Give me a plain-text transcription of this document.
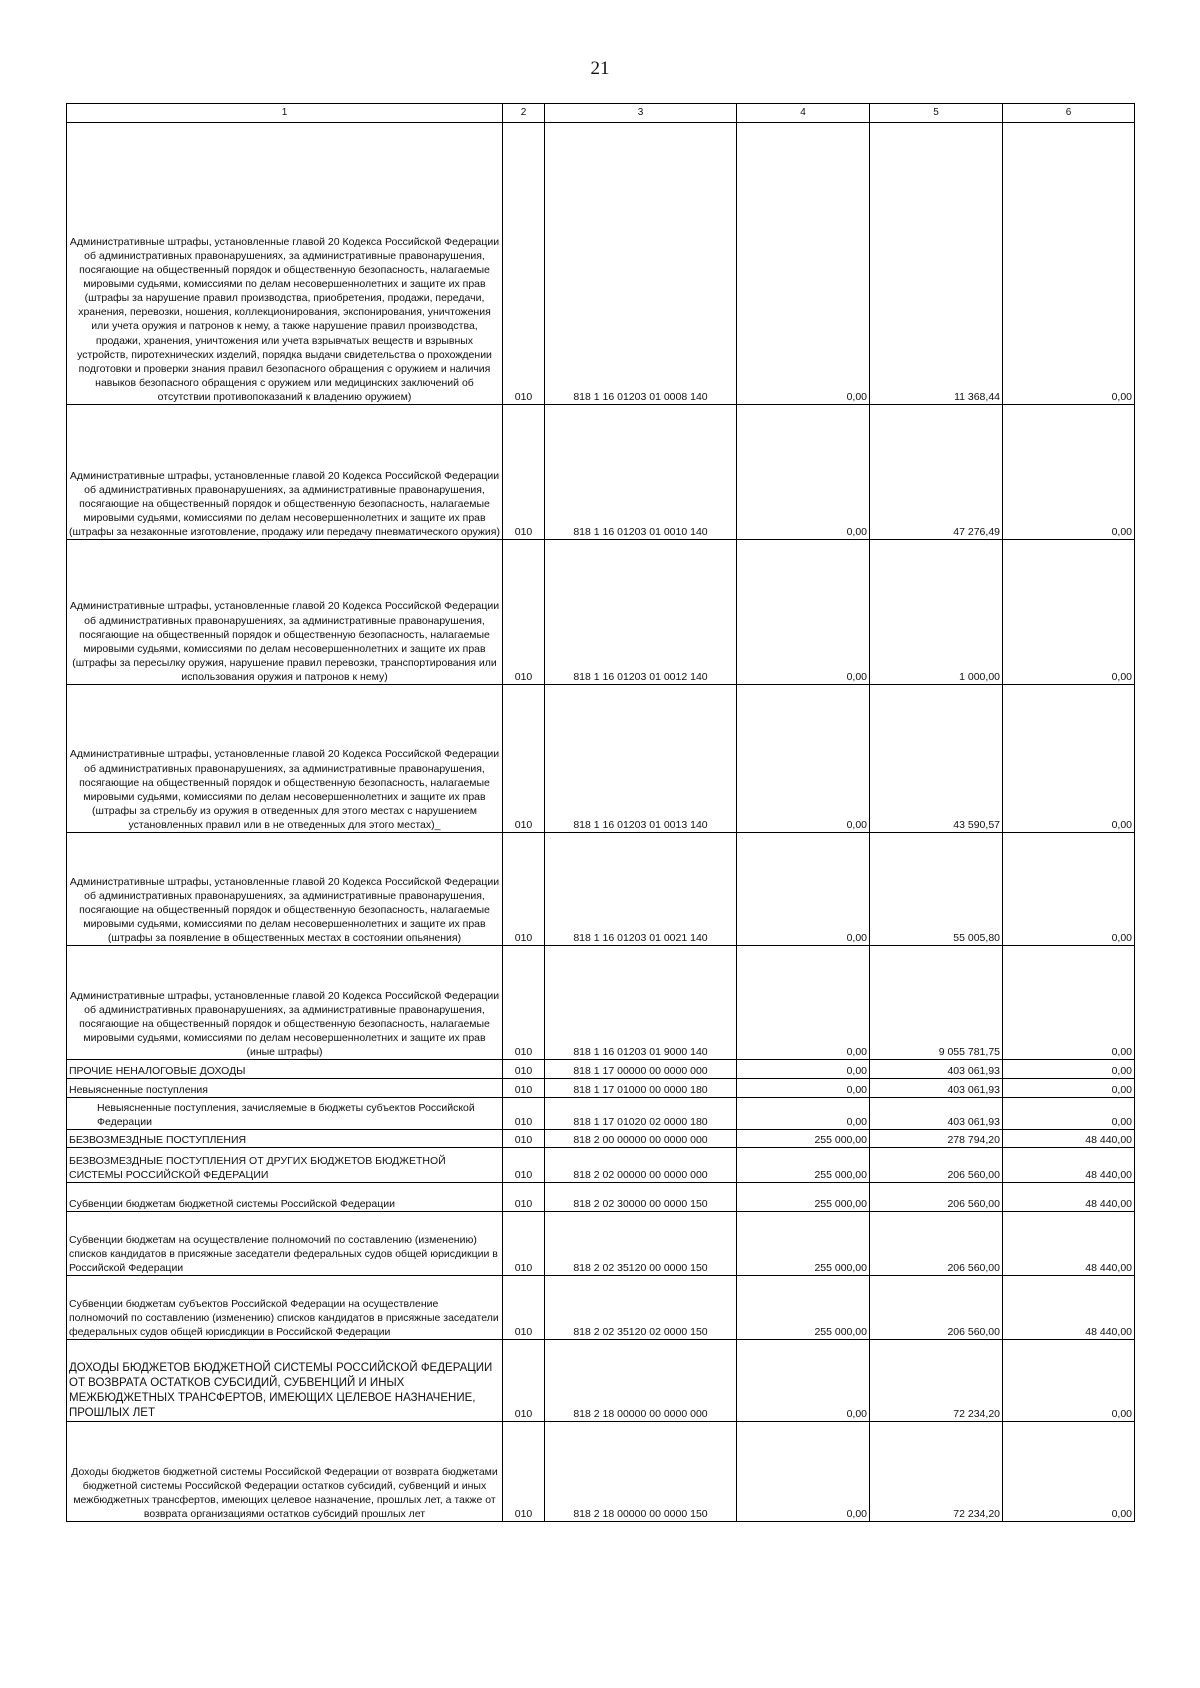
21
1	2	3	4	5	6
Административные штрафы, установленные главой 20 Кодекса Российской Федерации об административных правонарушениях, за административные правонарушения, посягающие на общественный порядок и общественную безопасность, налагаемые мировыми судьями, комиссиями по делам несовершеннолетних и защите их прав (штрафы за нарушение правил производства, приобретения, продажи, передачи, хранения, перевозки, ношения, коллекционирования, экспонирования, уничтожения или учета оружия и патронов к нему, а также нарушение правил производства, продажи, хранения, уничтожения или учета взрывчатых веществ и взрывных устройств, пиротехнических изделий, порядка выдачи свидетельства о прохождении подготовки и проверки знания правил безопасного обращения с оружием и наличия навыков безопасного обращения с оружием или медицинских заключений об отсутствии противопоказаний к владению оружием)	010	818 1 16 01203 01 0008 140	0,00	11 368,44	0,00
Административные штрафы, установленные главой 20 Кодекса Российской Федерации об административных правонарушениях, за административные правонарушения, посягающие на общественный порядок и общественную безопасность, налагаемые мировыми судьями, комиссиями по делам несовершеннолетних и защите их прав (штрафы за незаконные изготовление, продажу или передачу пневматического оружия)	010	818 1 16 01203 01 0010 140	0,00	47 276,49	0,00
Административные штрафы, установленные главой 20 Кодекса Российской Федерации об административных правонарушениях, за административные правонарушения, посягающие на общественный порядок и общественную безопасность, налагаемые мировыми судьями, комиссиями по делам несовершеннолетних и защите их прав (штрафы за пересылку оружия, нарушение правил перевозки, транспортирования или использования оружия и патронов к нему)	010	818 1 16 01203 01 0012 140	0,00	1 000,00	0,00
Административные штрафы, установленные главой 20 Кодекса Российской Федерации об административных правонарушениях, за административные правонарушения, посягающие на общественный порядок и общественную безопасность, налагаемые мировыми судьями, комиссиями по делам несовершеннолетних и защите их прав (штрафы за стрельбу из оружия в отведенных для этого местах с нарушением установленных правил или в не отведенных для этого местах)_	010	818 1 16 01203 01 0013 140	0,00	43 590,57	0,00
Административные штрафы, установленные главой 20 Кодекса Российской Федерации об административных правонарушениях, за административные правонарушения, посягающие на общественный порядок и общественную безопасность, налагаемые мировыми судьями, комиссиями по делам несовершеннолетних и защите их прав (штрафы за появление в общественных местах в состоянии опьянения)	010	818 1 16 01203 01 0021 140	0,00	55 005,80	0,00
Административные штрафы, установленные главой 20 Кодекса Российской Федерации об административных правонарушениях, за административные правонарушения, посягающие на общественный порядок и общественную безопасность, налагаемые мировыми судьями, комиссиями по делам несовершеннолетних и защите их прав (иные штрафы)	010	818 1 16 01203 01 9000 140	0,00	9 055 781,75	0,00
ПРОЧИЕ НЕНАЛОГОВЫЕ ДОХОДЫ	010	818 1 17 00000 00 0000 000	0,00	403 061,93	0,00
Невыясненные поступления	010	818 1 17 01000 00 0000 180	0,00	403 061,93	0,00
Невыясненные поступления, зачисляемые в бюджеты субъектов Российской Федерации	010	818 1 17 01020 02 0000 180	0,00	403 061,93	0,00
БЕЗВОЗМЕЗДНЫЕ ПОСТУПЛЕНИЯ	010	818 2 00 00000 00 0000 000	255 000,00	278 794,20	48 440,00
БЕЗВОЗМЕЗДНЫЕ ПОСТУПЛЕНИЯ ОТ ДРУГИХ БЮДЖЕТОВ БЮДЖЕТНОЙ СИСТЕМЫ РОССИЙСКОЙ ФЕДЕРАЦИИ	010	818 2 02 00000 00 0000 000	255 000,00	206 560,00	48 440,00
Субвенции бюджетам бюджетной системы Российской Федерации	010	818 2 02 30000 00 0000 150	255 000,00	206 560,00	48 440,00
Субвенции бюджетам на осуществление полномочий по составлению (изменению) списков кандидатов в присяжные заседатели федеральных судов общей юрисдикции в Российской Федерации	010	818 2 02 35120 00 0000 150	255 000,00	206 560,00	48 440,00
Субвенции бюджетам субъектов Российской Федерации на осуществление полномочий по составлению (изменению) списков кандидатов в присяжные заседатели федеральных судов общей юрисдикции в Российской Федерации	010	818 2 02 35120 02 0000 150	255 000,00	206 560,00	48 440,00
ДОХОДЫ БЮДЖЕТОВ БЮДЖЕТНОЙ СИСТЕМЫ РОССИЙСКОЙ ФЕДЕРАЦИИ ОТ ВОЗВРАТА ОСТАТКОВ СУБСИДИЙ, СУБВЕНЦИЙ И ИНЫХ МЕЖБЮДЖЕТНЫХ ТРАНСФЕРТОВ, ИМЕЮЩИХ ЦЕЛЕВОЕ НАЗНАЧЕНИЕ, ПРОШЛЫХ ЛЕТ	010	818 2 18 00000 00 0000 000	0,00	72 234,20	0,00
Доходы бюджетов бюджетной системы Российской Федерации от возврата бюджетами бюджетной системы Российской Федерации остатков субсидий, субвенций и иных межбюджетных трансфертов, имеющих целевое назначение, прошлых лет, а также от возврата организациями остатков субсидий прошлых лет	010	818 2 18 00000 00 0000 150	0,00	72 234,20	0,00
